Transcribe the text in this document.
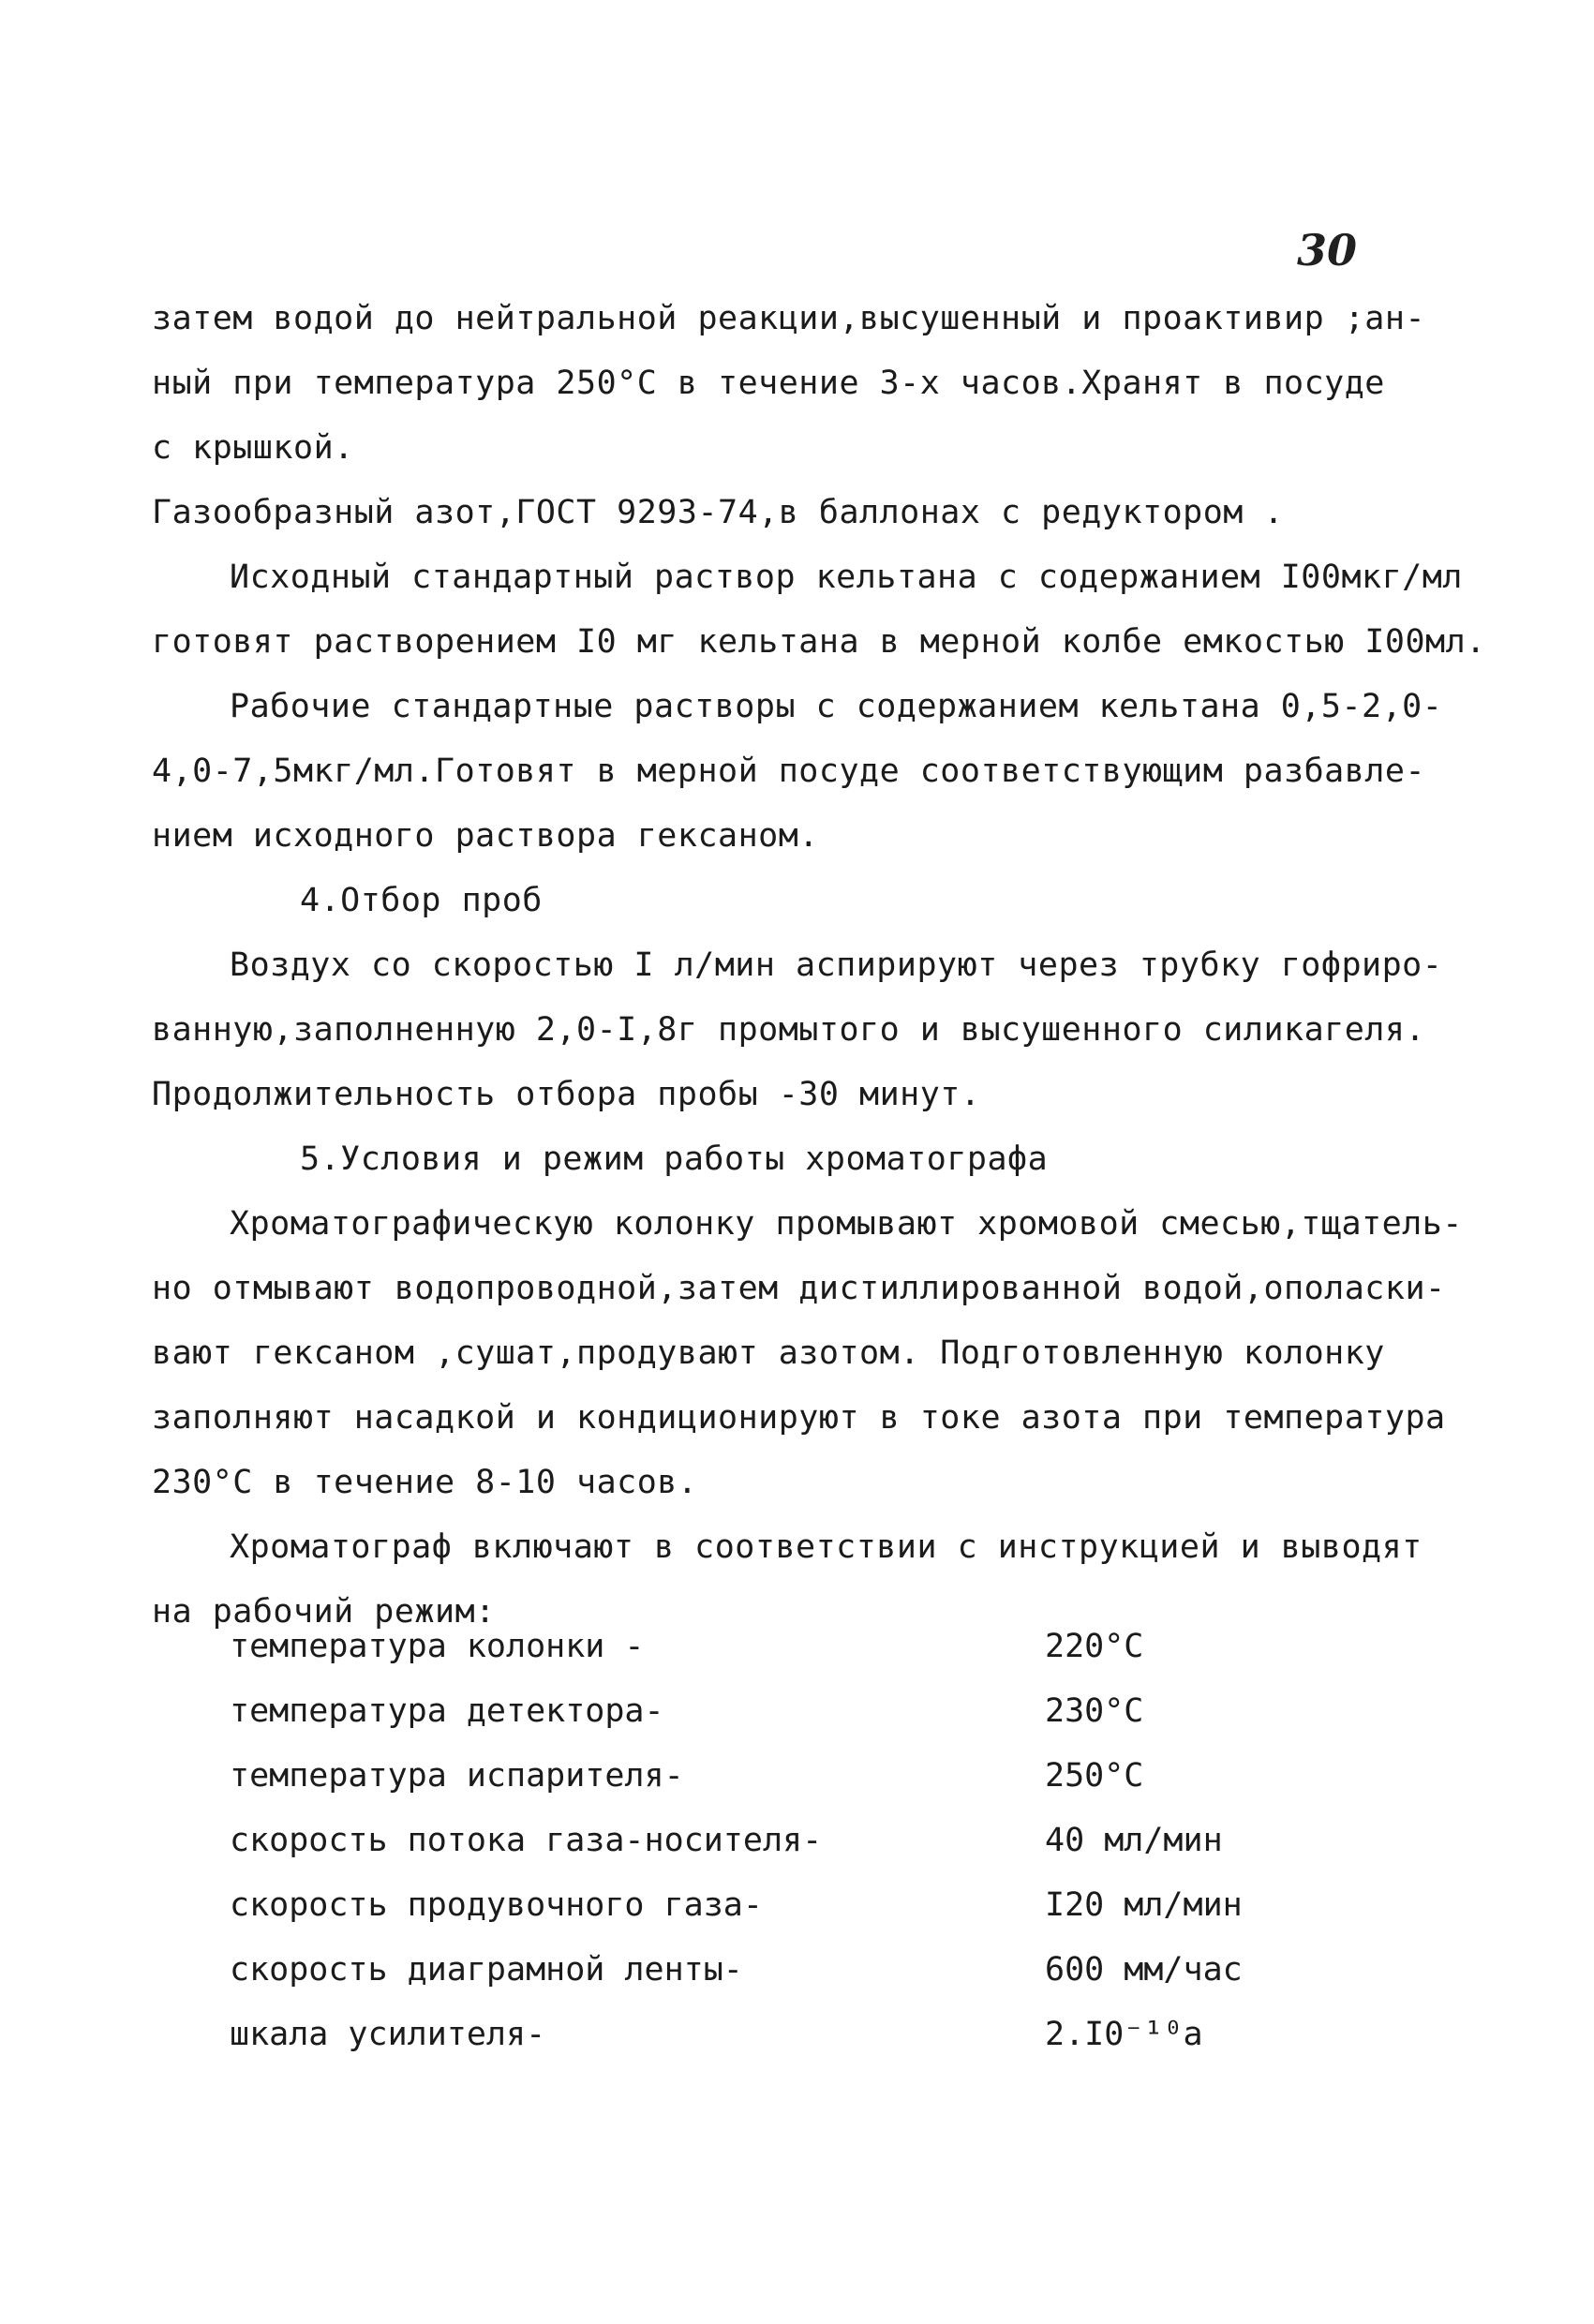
30
затем водой до нейтральной реакции,высушенный и проактивир ;ан-
ный при температура 250°C в течение 3-х часов.Хранят в посуде
с крышкой.
Газообразный азот,ГОСТ 9293-74,в баллонах с редуктором .
Исходный стандартный раствор кельтана с содержанием I00мкг/мл
готовят растворением I0 мг кельтана в мерной колбе емкостью I00мл.
Рабочие стандартные растворы с содержанием кельтана 0,5-2,0-
4,0-7,5мкг/мл.Готовят в мерной посуде соответствующим разбавле-
нием исходного раствора гексаном.
4.Отбор проб
Воздух со скоростью I л/мин аспирируют через трубку гофриро-
ванную,заполненную 2,0-I,8г промытого и высушенного силикагеля.
Продолжительность отбора пробы -30 минут.
5.Условия и режим работы хроматографа
Хроматографическую колонку промывают хромовой смесью,тщатель-
но отмывают водопроводной,затем дистиллированной водой,ополаски-
вают гексаном ,сушат,продувают азотом. Подготовленную колонку
заполняют насадкой и кондиционируют в токе азота при температура
230°C в течение 8-10 часов.
Хроматограф включают в соответствии с инструкцией и выводят
на рабочий режим:
температура колонки -	220°C
температура детектора-	230°C
температура испарителя-	250°C
скорость потока газа-носителя-	40 мл/мин
скорость продувочного газа-	I20 мл/мин
скорость диаграмной ленты-	600 мм/час
шкала усилителя-	2.I0⁻¹⁰а
